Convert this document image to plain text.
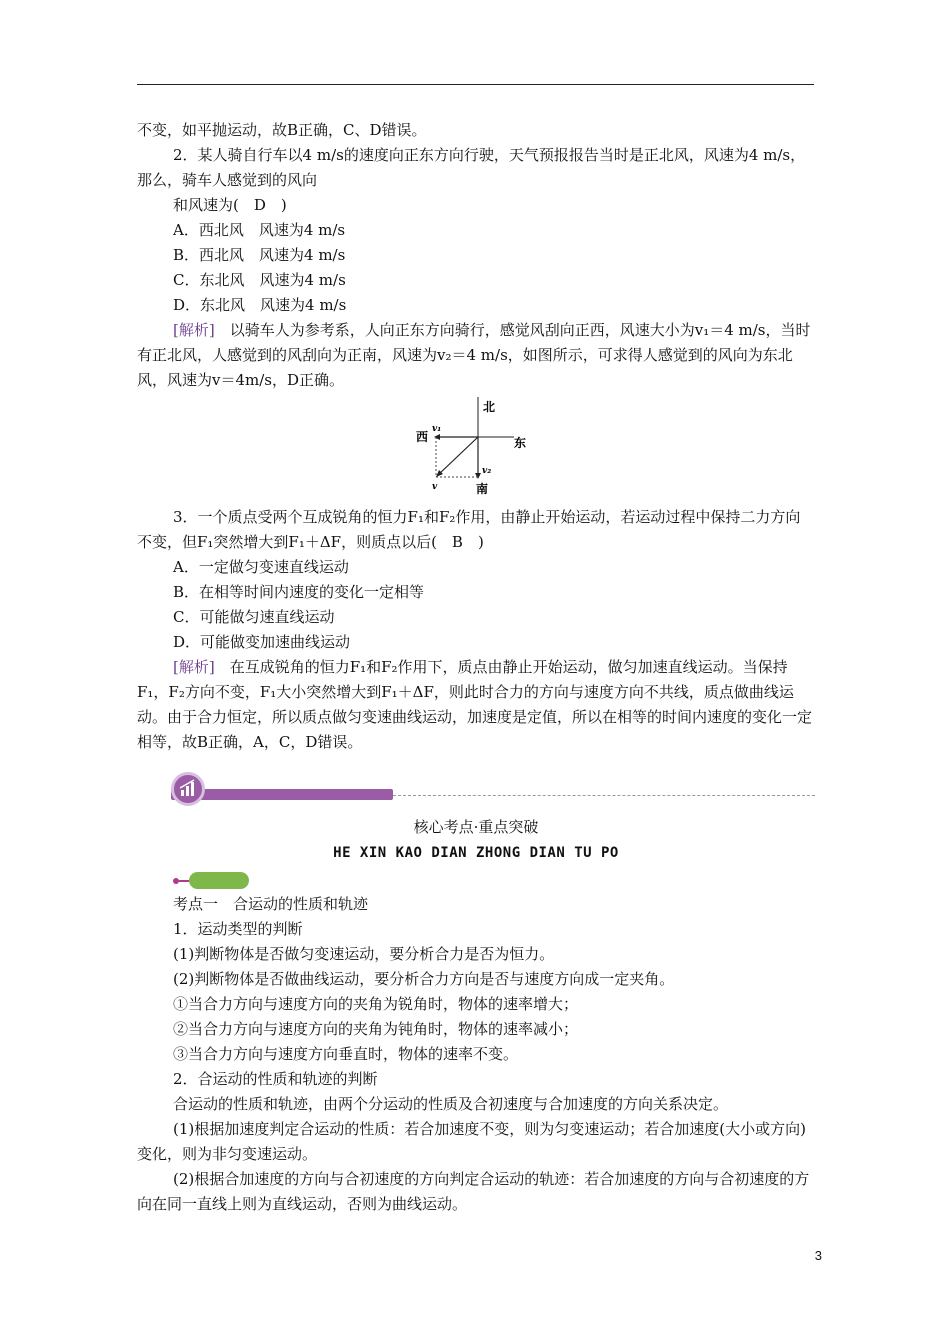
不变，如平抛运动，故B正确，C、D错误。

2．某人骑自行车以4 m/s的速度向正东方向行驶，天气预报报告当时是正北风，风速为4 m/s，那么，骑车人感觉到的风向

和风速为(　D　)

A．西北风　风速为4 m/s

B．西北风　风速为4 m/s

C．东北风　风速为4 m/s

D．东北风　风速为4 m/s

[解析]　以骑车人为参考系，人向正东方向骑行，感觉风刮向正西，风速大小为v₁＝4 m/s，当时有正北风，人感觉到的风刮向为正南，风速为v₂＝4 m/s，如图所示，可求得人感觉到的风向为东北风，风速为v＝4m/s，D正确。

北
西	东
南
v₁
v₂
v

3．一个质点受两个互成锐角的恒力F₁和F₂作用，由静止开始运动，若运动过程中保持二力方向不变，但F₁突然增大到F₁＋ΔF，则质点以后(　B　)

A．一定做匀变速直线运动

B．在相等时间内速度的变化一定相等

C．可能做匀速直线运动

D．可能做变加速曲线运动

[解析]　在互成锐角的恒力F₁和F₂作用下，质点由静止开始运动，做匀加速直线运动。当保持F₁，F₂方向不变，F₁大小突然增大到F₁＋ΔF，则此时合力的方向与速度方向不共线，质点做曲线运动。由于合力恒定，所以质点做匀变速曲线运动，加速度是定值，所以在相等的时间内速度的变化一定相等，故B正确，A，C，D错误。

核心考点·重点突破
HE XIN KAO DIAN ZHONG DIAN TU PO

考点一　合运动的性质和轨迹

1．运动类型的判断

(1)判断物体是否做匀变速运动，要分析合力是否为恒力。

(2)判断物体是否做曲线运动，要分析合力方向是否与速度方向成一定夹角。

①当合力方向与速度方向的夹角为锐角时，物体的速率增大；

②当合力方向与速度方向的夹角为钝角时，物体的速率减小；

③当合力方向与速度方向垂直时，物体的速率不变。

2．合运动的性质和轨迹的判断

合运动的性质和轨迹，由两个分运动的性质及合初速度与合加速度的方向关系决定。

(1)根据加速度判定合运动的性质：若合加速度不变，则为匀变速运动；若合加速度(大小或方向)变化，则为非匀变速运动。

(2)根据合加速度的方向与合初速度的方向判定合运动的轨迹：若合加速度的方向与合初速度的方向在同一直线上则为直线运动，否则为曲线运动。

3
